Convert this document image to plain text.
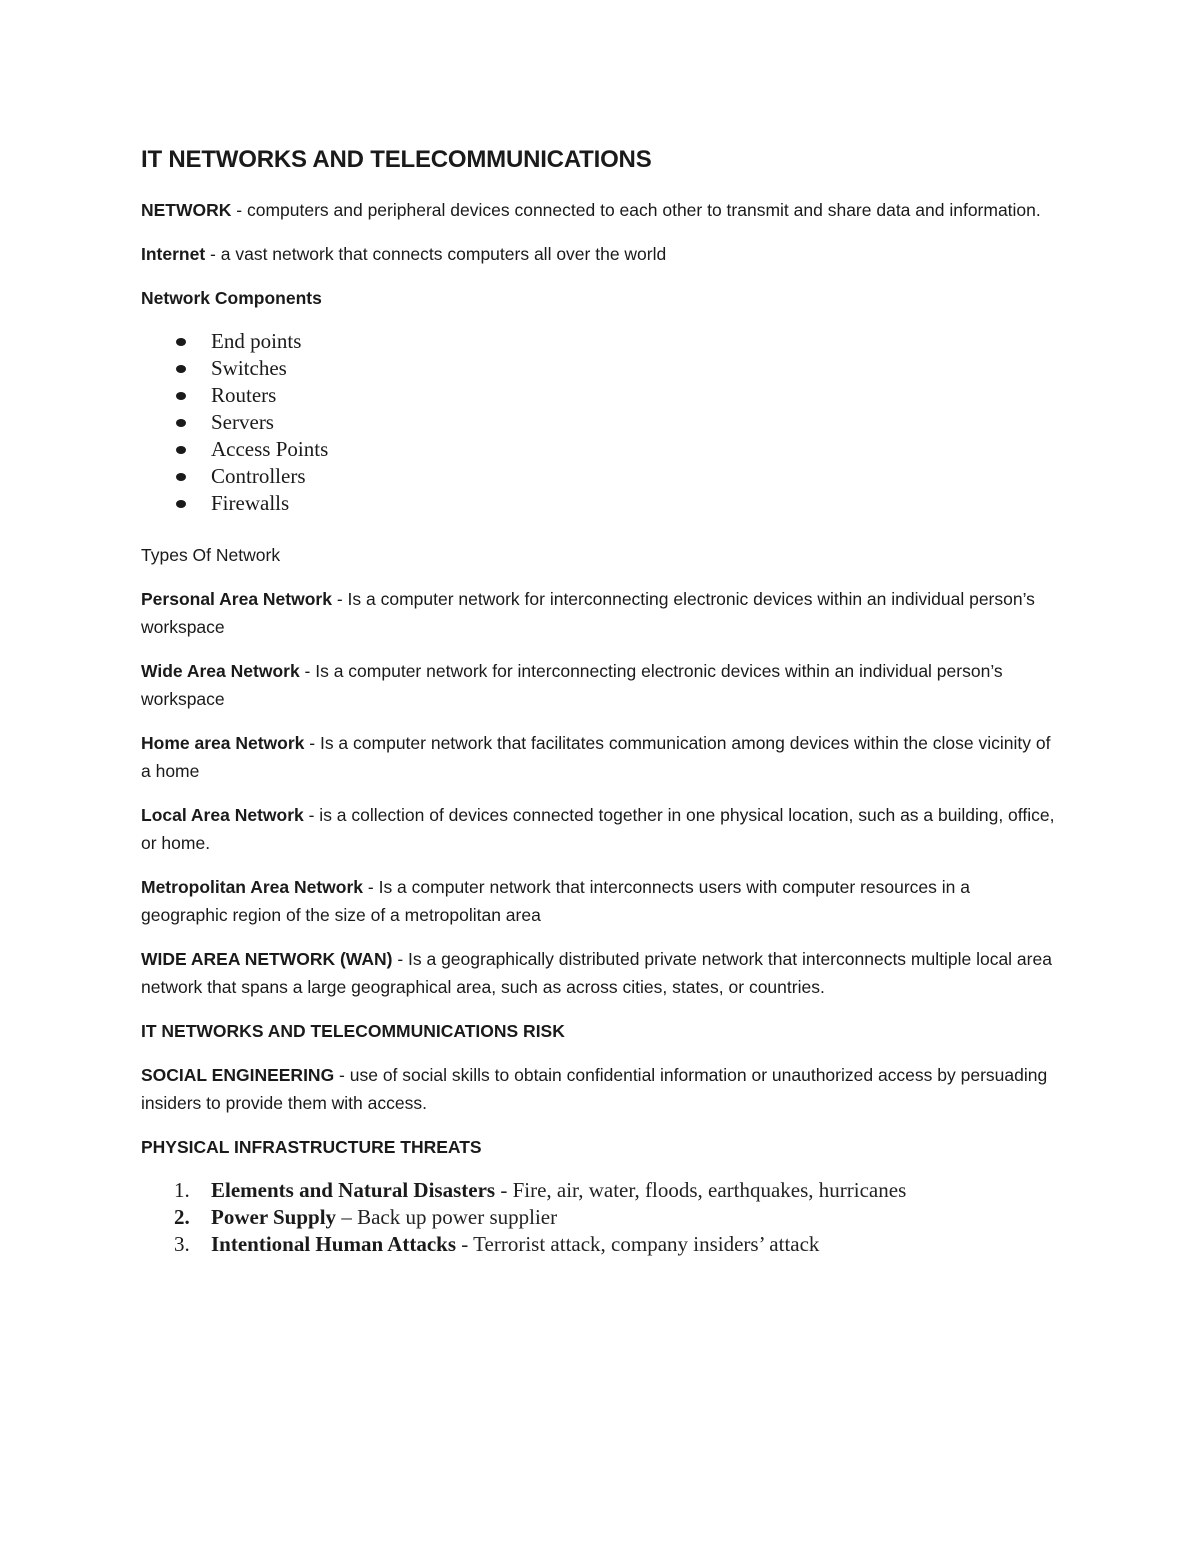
IT NETWORKS AND TELECOMMUNICATIONS

NETWORK - computers and peripheral devices connected to each other to transmit and share data and information.

Internet - a vast network that connects computers all over the world

Network Components
End points
Switches
Routers
Servers
Access Points
Controllers
Firewalls
Types Of Network

Personal Area Network - Is a computer network for interconnecting electronic devices within an individual person’s workspace

Wide Area Network - Is a computer network for interconnecting electronic devices within an individual person’s workspace

Home area Network - Is a computer network that facilitates communication among devices within the close vicinity of a home

Local Area Network - is a collection of devices connected together in one physical location, such as a building, office, or home.

Metropolitan Area Network - Is a computer network that interconnects users with computer resources in a geographic region of the size of a metropolitan area

WIDE AREA NETWORK (WAN) - Is a geographically distributed private network that interconnects multiple local area network that spans a large geographical area, such as across cities, states, or countries.

IT NETWORKS AND TELECOMMUNICATIONS RISK

SOCIAL ENGINEERING - use of social skills to obtain confidential information or unauthorized access by persuading insiders to provide them with access.

PHYSICAL INFRASTRUCTURE THREATS
1. Elements and Natural Disasters - Fire, air, water, floods, earthquakes, hurricanes
2. Power Supply – Back up power supplier
3. Intentional Human Attacks - Terrorist attack, company insiders’ attack
